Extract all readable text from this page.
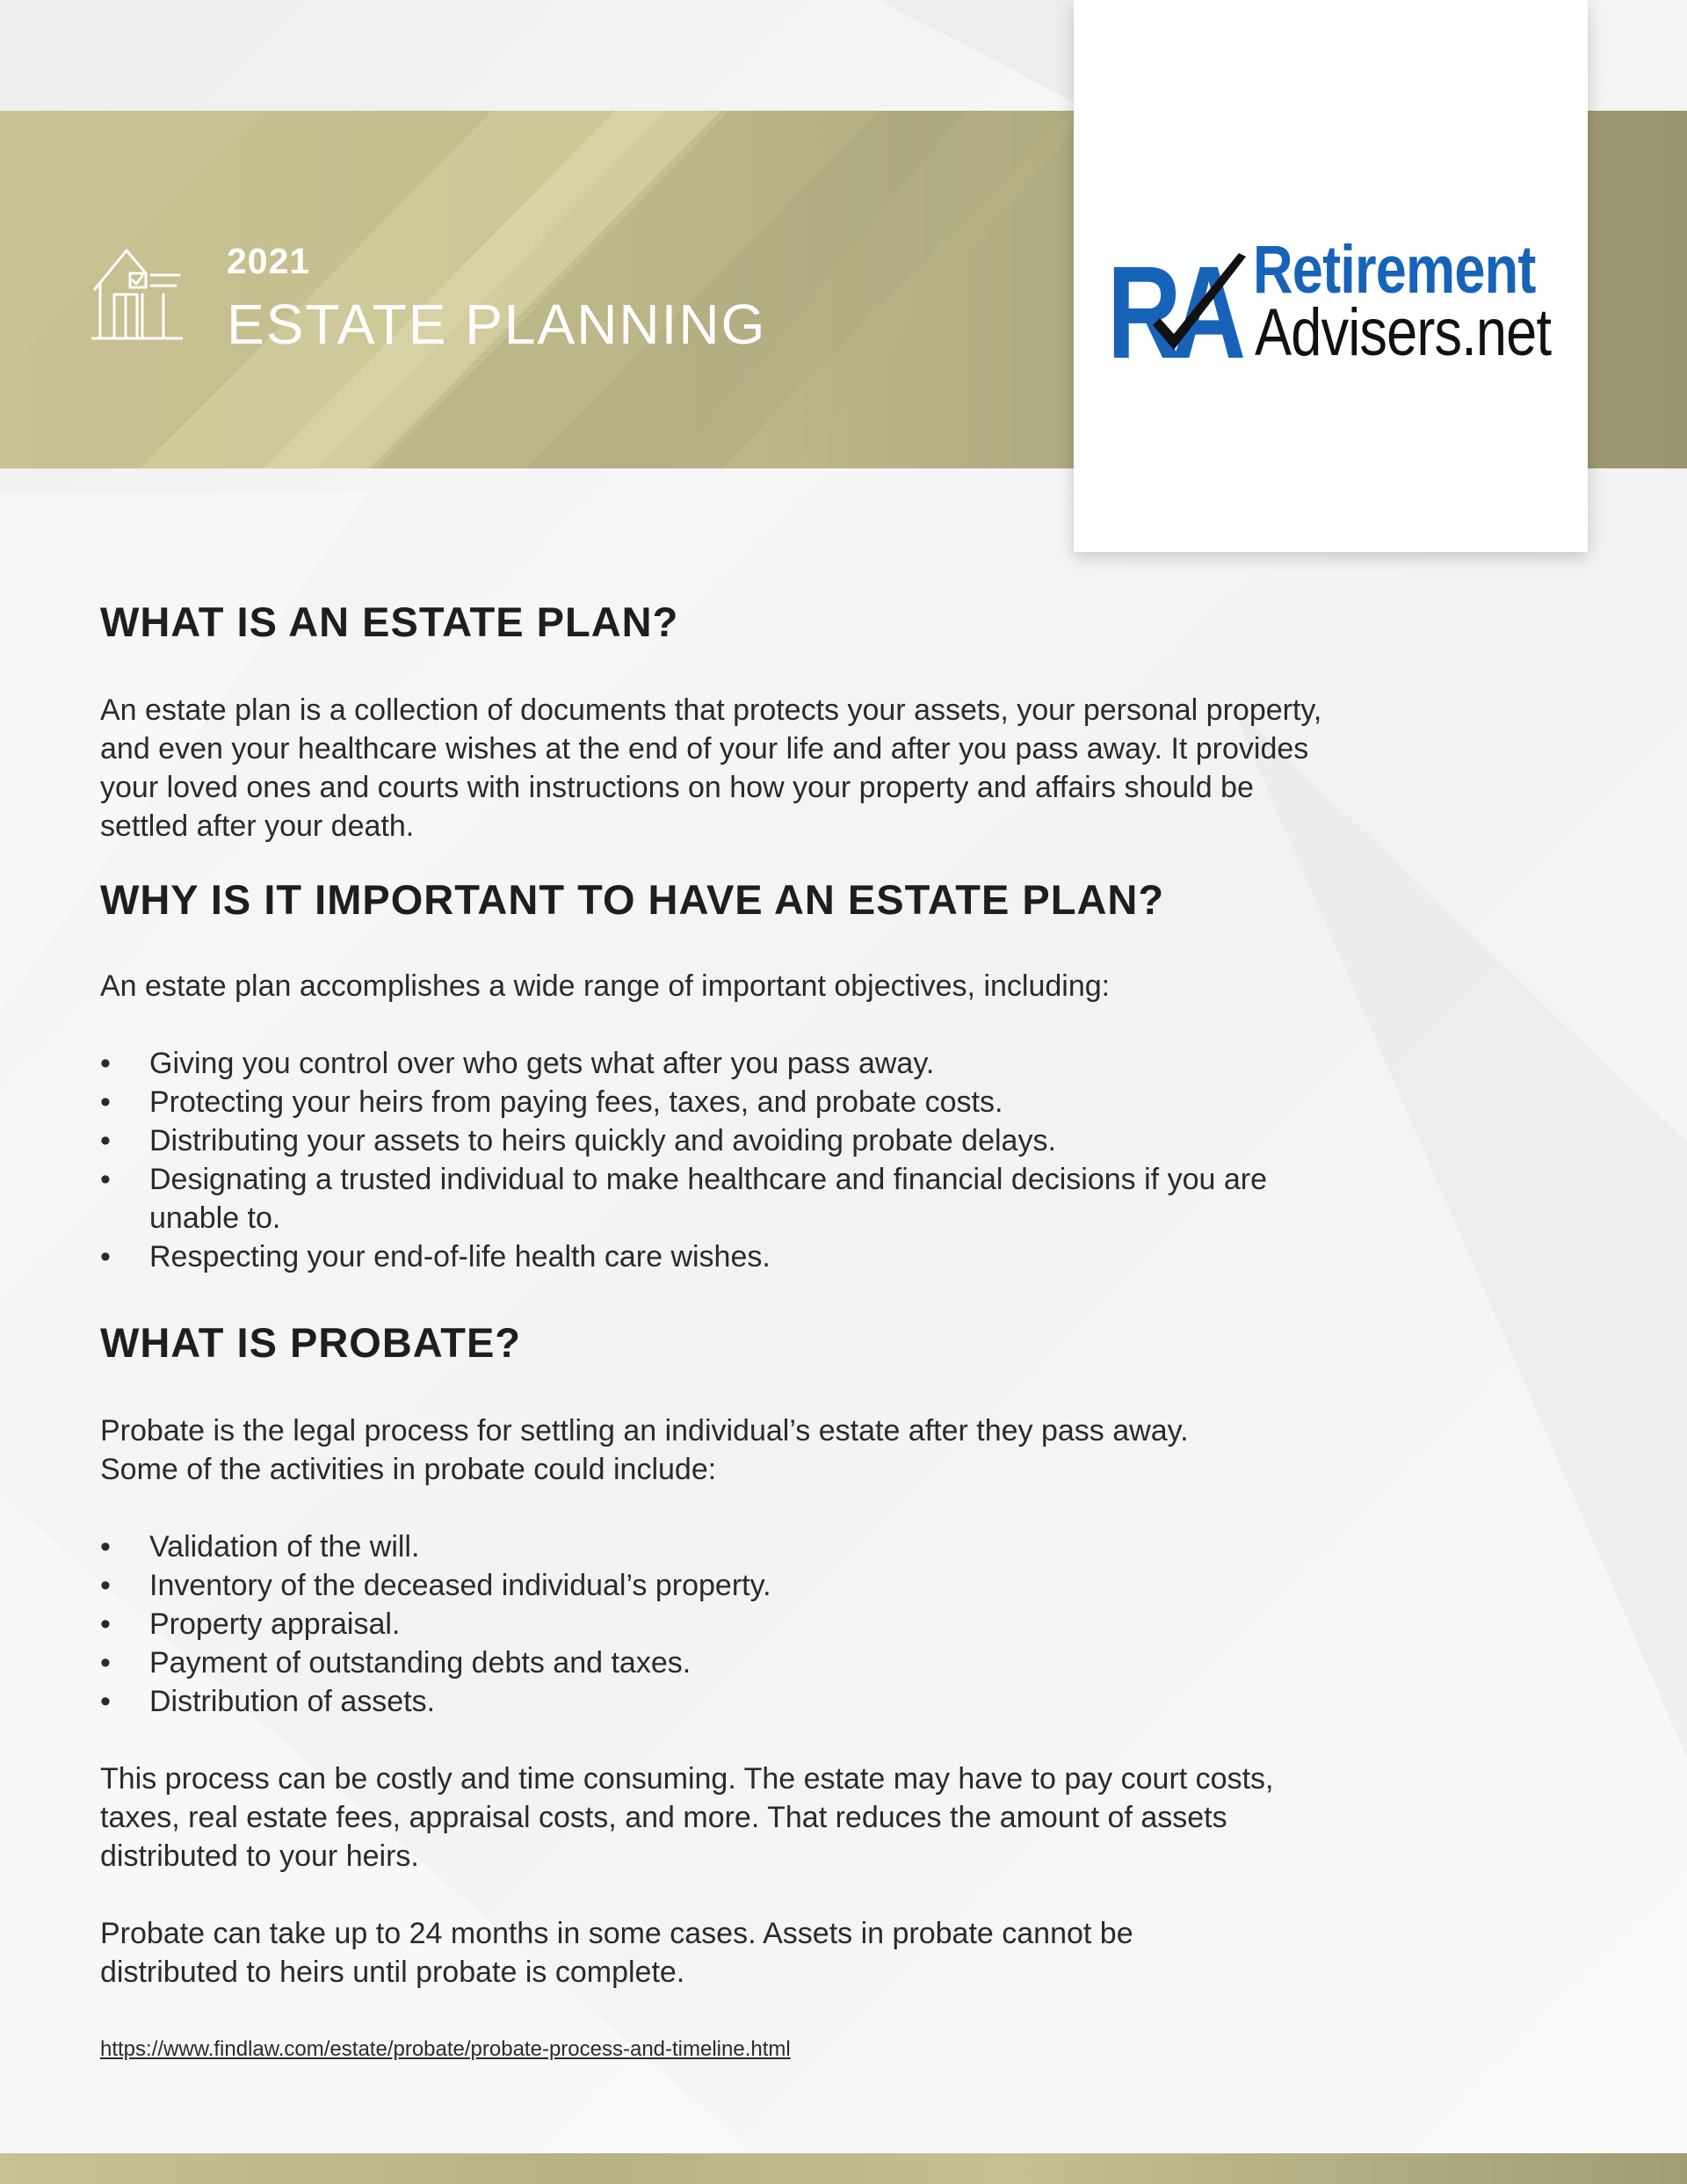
2021
ESTATE PLANNING	RA Retirement
Advisers.net
WHAT IS AN ESTATE PLAN?

An estate plan is a collection of documents that protects your assets, your personal property, and even your healthcare wishes at the end of your life and after you pass away. It provides your loved ones and courts with instructions on how your property and affairs should be settled after your death.

WHY IS IT IMPORTANT TO HAVE AN ESTATE PLAN?

An estate plan accomplishes a wide range of important objectives, including:

• Giving you control over who gets what after you pass away.
• Protecting your heirs from paying fees, taxes, and probate costs.
• Distributing your assets to heirs quickly and avoiding probate delays.
• Designating a trusted individual to make healthcare and financial decisions if you are unable to.
• Respecting your end-of-life health care wishes.
WHAT IS PROBATE?

Probate is the legal process for settling an individual’s estate after they pass away. Some of the activities in probate could include:

• Validation of the will.
• Inventory of the deceased individual’s property.
• Property appraisal.
• Payment of outstanding debts and taxes.
• Distribution of assets.

This process can be costly and time consuming. The estate may have to pay court costs, taxes, real estate fees, appraisal costs, and more. That reduces the amount of assets distributed to your heirs.

Probate can take up to 24 months in some cases. Assets in probate cannot be distributed to heirs until probate is complete.

https://www.findlaw.com/estate/probate/probate-process-and-timeline.html
